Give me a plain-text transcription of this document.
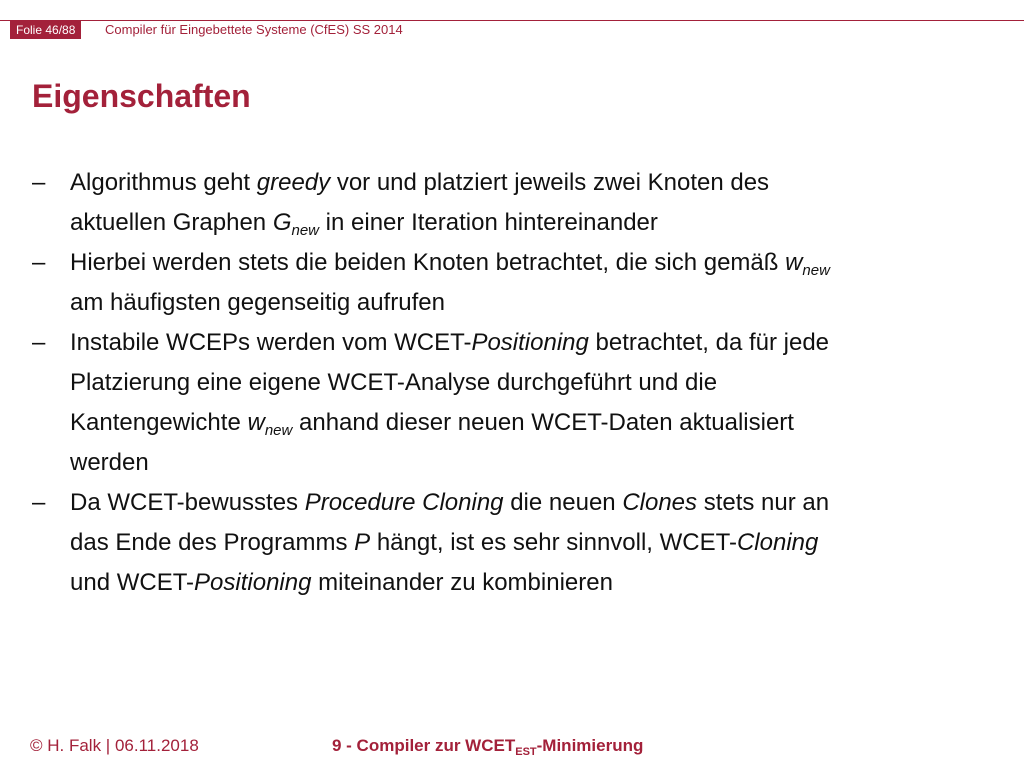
Folie 46/88	Compiler für Eingebettete Systeme (CfES) SS 2014
Eigenschaften
– Algorithmus geht greedy vor und platziert jeweils zwei Knoten des
aktuellen Graphen $G_{new}$ in einer Iteration hintereinander
– Hierbei werden stets die beiden Knoten betrachtet, die sich gemäß $w_{new}$
am häufigsten gegenseitig aufrufen
– Instabile WCEPs werden vom WCET-Positioning betrachtet, da für jede
Platzierung eine eigene WCET-Analyse durchgeführt und die
Kantengewichte $w_{new}$ anhand dieser neuen WCET-Daten aktualisiert
werden
– Da WCET-bewusstes Procedure Cloning die neuen Clones stets nur an
das Ende des Programms P hängt, ist es sehr sinnvoll, WCET-Cloning
und WCET-Positioning miteinander zu kombinieren
© H. Falk | 06.11.2018	9 - Compiler zur $WCET_{EST}$-Minimierung
